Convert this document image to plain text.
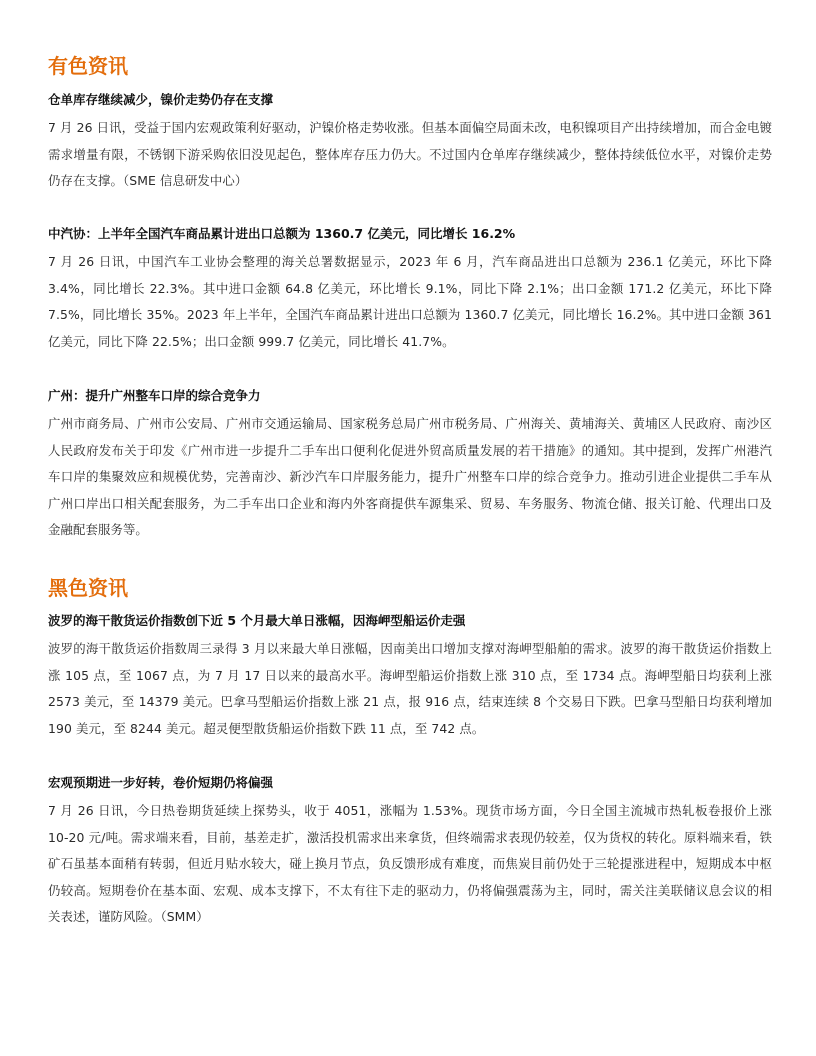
有色资讯

仓单库存继续减少，镍价走势仍存在支撑

7 月 26 日讯，受益于国内宏观政策利好驱动，沪镍价格走势收涨。但基本面偏空局面未改，电积镍项目产出持续增加，而合金电镀需求增量有限，不锈钢下游采购依旧没见起色，整体库存压力仍大。不过国内仓单库存继续减少，整体持续低位水平，对镍价走势仍存在支撑。（SME 信息研发中心）

中汽协：上半年全国汽车商品累计进出口总额为 1360.7 亿美元，同比增长 16.2%

7 月 26 日讯，中国汽车工业协会整理的海关总署数据显示，2023 年 6 月，汽车商品进出口总额为 236.1 亿美元，环比下降 3.4%，同比增长 22.3%。其中进口金额 64.8 亿美元，环比增长 9.1%，同比下降 2.1%；出口金额 171.2 亿美元，环比下降 7.5%，同比增长 35%。2023 年上半年，全国汽车商品累计进出口总额为 1360.7 亿美元，同比增长 16.2%。其中进口金额 361 亿美元，同比下降 22.5%；出口金额 999.7 亿美元，同比增长 41.7%。

广州：提升广州整车口岸的综合竞争力

广州市商务局、广州市公安局、广州市交通运输局、国家税务总局广州市税务局、广州海关、黄埔海关、黄埔区人民政府、南沙区人民政府发布关于印发《广州市进一步提升二手车出口便利化促进外贸高质量发展的若干措施》的通知。其中提到，发挥广州港汽车口岸的集聚效应和规模优势，完善南沙、新沙汽车口岸服务能力，提升广州整车口岸的综合竞争力。推动引进企业提供二手车从广州口岸出口相关配套服务，为二手车出口企业和海内外客商提供车源集采、贸易、车务服务、物流仓储、报关订舱、代理出口及金融配套服务等。

黑色资讯

波罗的海干散货运价指数创下近 5 个月最大单日涨幅，因海岬型船运价走强

波罗的海干散货运价指数周三录得 3 月以来最大单日涨幅，因南美出口增加支撑对海岬型船舶的需求。波罗的海干散货运价指数上涨 105 点，至 1067 点，为 7 月 17 日以来的最高水平。海岬型船运价指数上涨 310 点，至 1734 点。海岬型船日均获利上涨 2573 美元，至 14379 美元。巴拿马型船运价指数上涨 21 点，报 916 点，结束连续 8 个交易日下跌。巴拿马型船日均获利增加 190 美元，至 8244 美元。超灵便型散货船运价指数下跌 11 点，至 742 点。

宏观预期进一步好转，卷价短期仍将偏强

7 月 26 日讯，今日热卷期货延续上探势头，收于 4051，涨幅为 1.53%。现货市场方面，今日全国主流城市热轧板卷报价上涨 10-20 元/吨。需求端来看，目前，基差走扩，激活投机需求出来拿货，但终端需求表现仍较差，仅为货权的转化。原料端来看，铁矿石虽基本面稍有转弱，但近月贴水较大，碰上换月节点，负反馈形成有难度，而焦炭目前仍处于三轮提涨进程中，短期成本中枢仍较高。短期卷价在基本面、宏观、成本支撑下，不太有往下走的驱动力，仍将偏强震荡为主，同时，需关注美联储议息会议的相关表述，谨防风险。（SMM）
